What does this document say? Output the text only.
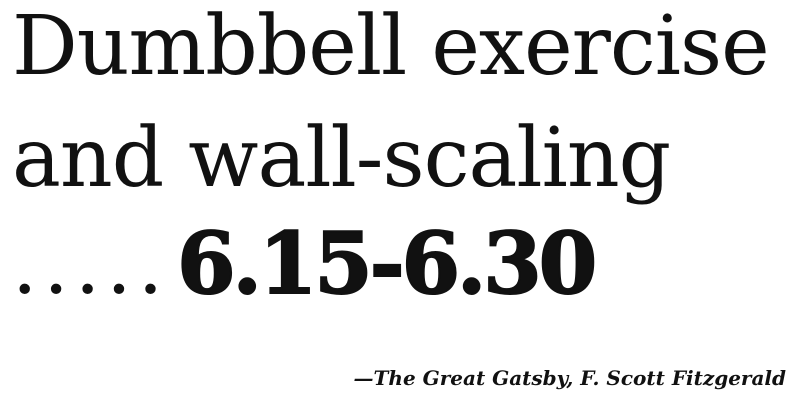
Dumbbell exercise
and wall-scaling
..... 6.15-6.30
—The Great Gatsby, F. Scott Fitzgerald
